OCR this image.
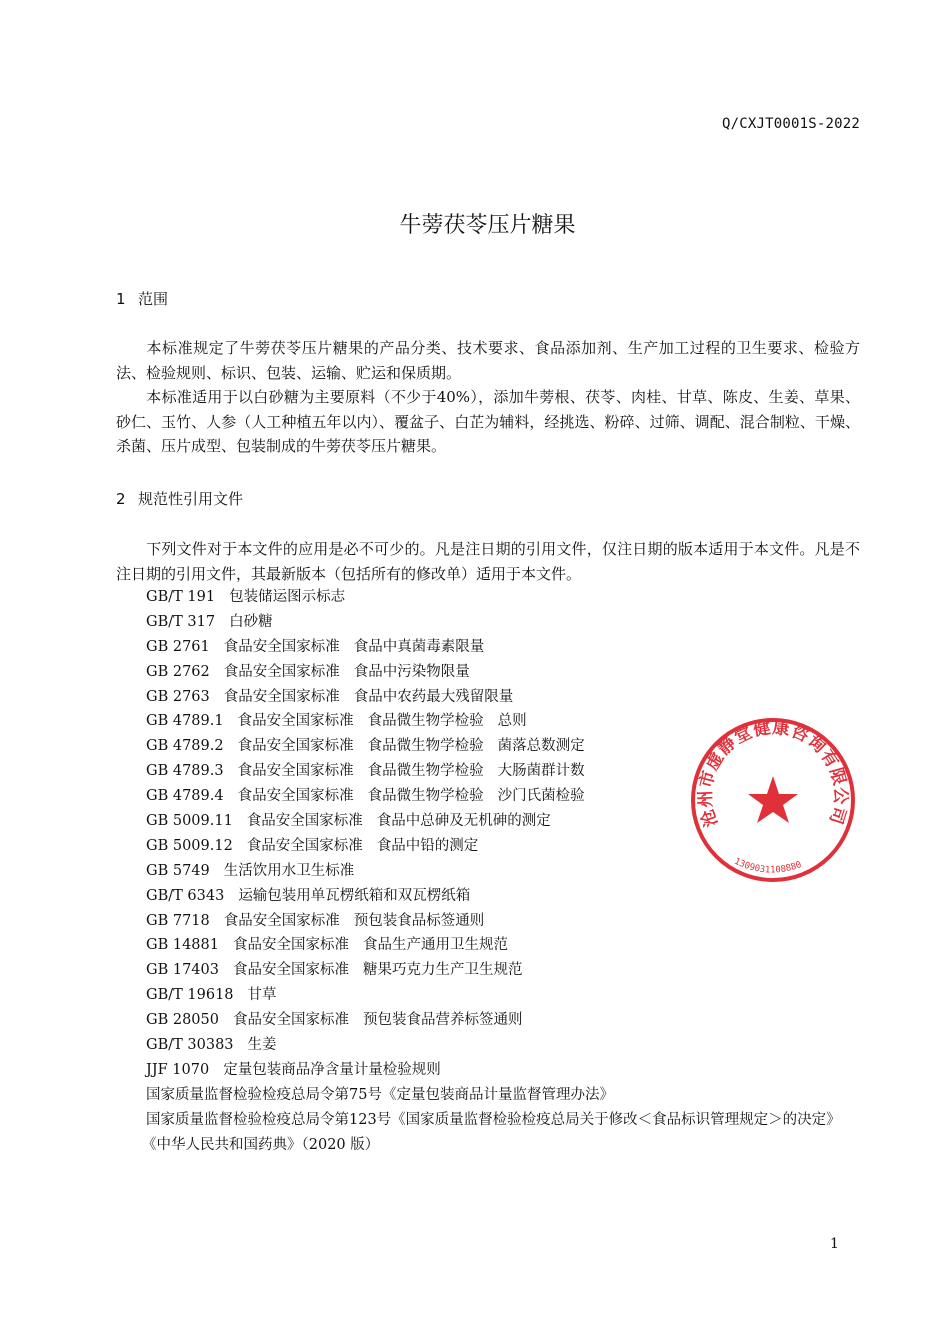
Q/CXJT0001S-2022
牛蒡茯苓压片糖果
1 范围
本标准规定了牛蒡茯苓压片糖果的产品分类、技术要求、食品添加剂、生产加工过程的卫生要求、检验方法、检验规则、标识、包装、运输、贮运和保质期。
本标准适用于以白砂糖为主要原料（不少于40%），添加牛蒡根、茯苓、肉桂、甘草、陈皮、生姜、草果、砂仁、玉竹、人参（人工种植五年以内）、覆盆子、白芷为辅料，经挑选、粉碎、过筛、调配、混合制粒、干燥、杀菌、压片成型、包装制成的牛蒡茯苓压片糖果。
2 规范性引用文件
下列文件对于本文件的应用是必不可少的。凡是注日期的引用文件，仅注日期的版本适用于本文件。凡是不注日期的引用文件，其最新版本（包括所有的修改单）适用于本文件。
GB/T 191 包装储运图示标志
GB/T 317 白砂糖
GB 2761 食品安全国家标准 食品中真菌毒素限量
GB 2762 食品安全国家标准 食品中污染物限量
GB 2763 食品安全国家标准 食品中农药最大残留限量
GB 4789.1 食品安全国家标准 食品微生物学检验 总则
GB 4789.2 食品安全国家标准 食品微生物学检验 菌落总数测定
GB 4789.3 食品安全国家标准 食品微生物学检验 大肠菌群计数
GB 4789.4 食品安全国家标准 食品微生物学检验 沙门氏菌检验
GB 5009.11 食品安全国家标准 食品中总砷及无机砷的测定
GB 5009.12 食品安全国家标准 食品中铅的测定
GB 5749 生活饮用水卫生标准
GB/T 6343 运输包装用单瓦楞纸箱和双瓦楞纸箱
GB 7718 食品安全国家标准 预包装食品标签通则
GB 14881 食品安全国家标准 食品生产通用卫生规范
GB 17403 食品安全国家标准 糖果巧克力生产卫生规范
GB/T 19618 甘草
GB 28050 食品安全国家标准 预包装食品营养标签通则
GB/T 30383 生姜
JJF 1070 定量包装商品净含量计量检验规则
国家质量监督检验检疫总局令第75号《定量包装商品计量监督管理办法》
国家质量监督检验检疫总局令第123号《国家质量监督检验检疫总局关于修改＜食品标识管理规定＞的决定》
《中华人民共和国药典》（2020 版）
沧州市虚静堂健康咨询有限公司
1309031108880
1
